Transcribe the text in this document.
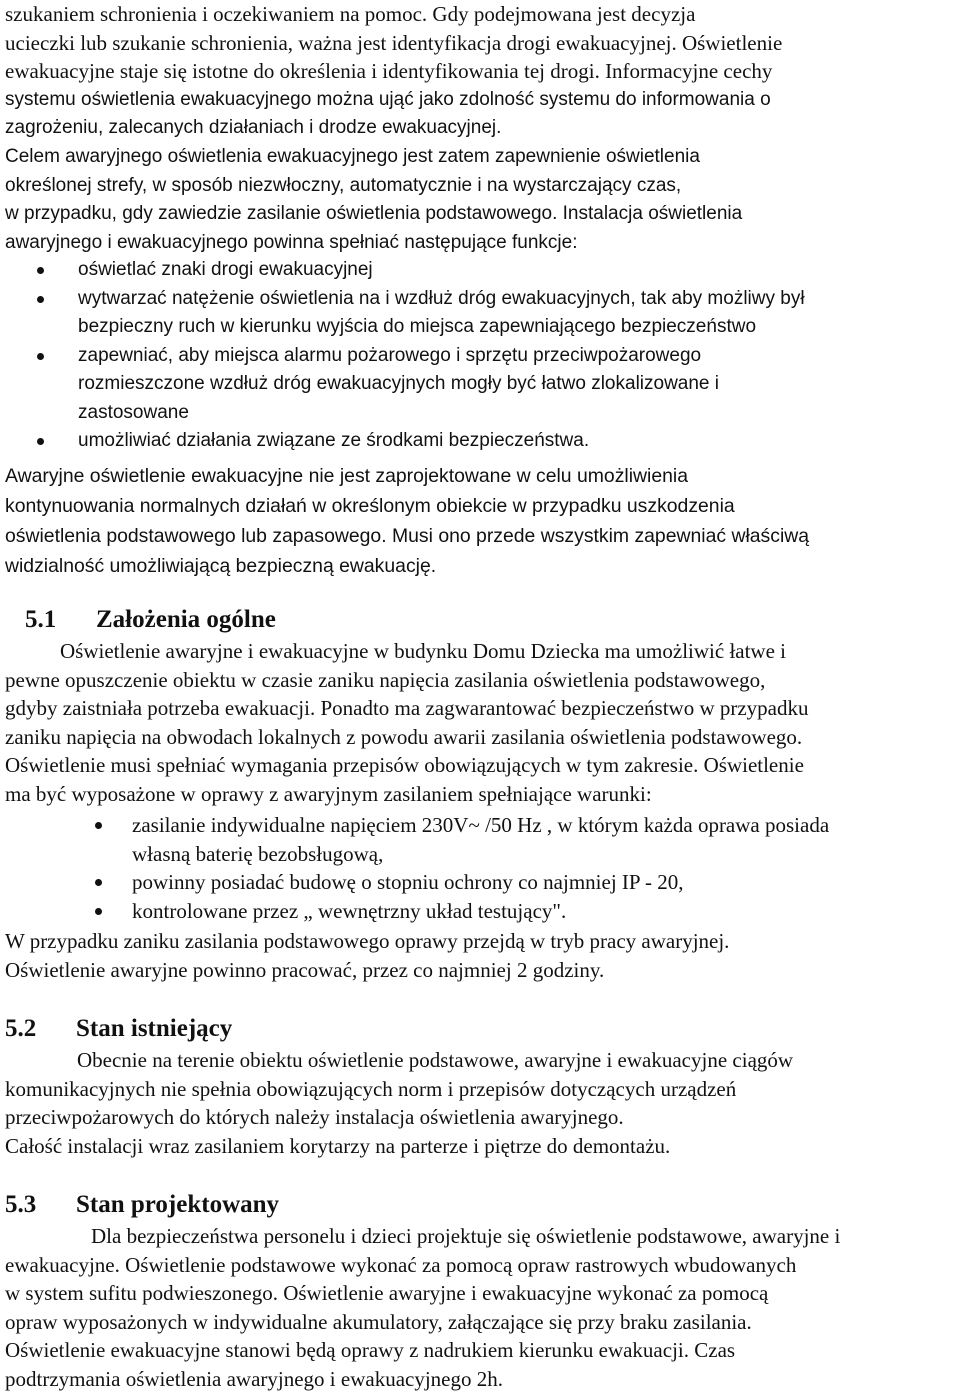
szukaniem schronienia i oczekiwaniem na pomoc. Gdy podejmowana jest decyzja
ucieczki lub szukanie schronienia, ważna jest identyfikacja drogi ewakuacyjnej. Oświetlenie
ewakuacyjne staje się istotne do określenia i identyfikowania tej drogi. Informacyjne cechy
systemu oświetlenia ewakuacyjnego można ująć jako zdolność systemu do informowania o
zagrożeniu, zalecanych działaniach i drodze ewakuacyjnej.

Celem awaryjnego oświetlenia ewakuacyjnego jest zatem zapewnienie oświetlenia
określonej strefy, w sposób niezwłoczny, automatycznie i na wystarczający czas,
w przypadku, gdy zawiedzie zasilanie oświetlenia podstawowego. Instalacja oświetlenia
awaryjnego i ewakuacyjnego powinna spełniać następujące funkcje:

oświetlać znaki drogi ewakuacyjnej
wytwarzać natężenie oświetlenia na i wzdłuż dróg ewakuacyjnych, tak aby możliwy był
bezpieczny ruch w kierunku wyjścia do miejsca zapewniającego bezpieczeństwo
zapewniać, aby miejsca alarmu pożarowego i sprzętu przeciwpożarowego
rozmieszczone wzdłuż dróg ewakuacyjnych mogły być łatwo zlokalizowane i
zastosowane
umożliwiać działania związane ze środkami bezpieczeństwa.

Awaryjne oświetlenie ewakuacyjne nie jest zaprojektowane w celu umożliwienia
kontynuowania normalnych działań w określonym obiekcie w przypadku uszkodzenia
oświetlenia podstawowego lub zapasowego. Musi ono przede wszystkim zapewniać właściwą
widzialność umożliwiającą bezpieczną ewakuację.

5.1 Założenia ogólne

Oświetlenie awaryjne i ewakuacyjne w budynku Domu Dziecka ma umożliwić łatwe i
pewne opuszczenie obiektu w czasie zaniku napięcia zasilania oświetlenia podstawowego,
gdyby zaistniała potrzeba ewakuacji. Ponadto ma zagwarantować bezpieczeństwo w przypadku
zaniku napięcia na obwodach lokalnych z powodu awarii zasilania oświetlenia podstawowego.
Oświetlenie musi spełniać wymagania przepisów obowiązujących w tym zakresie. Oświetlenie
ma być wyposażone w oprawy z awaryjnym zasilaniem spełniające warunki:

zasilanie indywidualne napięciem 230V~ /50 Hz , w którym każda oprawa posiada
własną baterię bezobsługową,
powinny posiadać budowę o stopniu ochrony co najmniej IP - 20,
kontrolowane przez „ wewnętrzny układ testujący".

W przypadku zaniku zasilania podstawowego oprawy przejdą w tryb pracy awaryjnej.
Oświetlenie awaryjne powinno pracować, przez co najmniej 2 godziny.

5.2 Stan istniejący

Obecnie na terenie obiektu oświetlenie podstawowe, awaryjne i ewakuacyjne ciągów
komunikacyjnych nie spełnia obowiązujących norm i przepisów dotyczących urządzeń
przeciwpożarowych do których należy instalacja oświetlenia awaryjnego.
Całość instalacji wraz zasilaniem korytarzy na parterze i piętrze do demontażu.

5.3 Stan projektowany

Dla bezpieczeństwa personelu i dzieci projektuje się oświetlenie podstawowe, awaryjne i
ewakuacyjne. Oświetlenie podstawowe wykonać za pomocą opraw rastrowych wbudowanych
w system sufitu podwieszonego. Oświetlenie awaryjne i ewakuacyjne wykonać za pomocą
opraw wyposażonych w indywidualne akumulatory, załączające się przy braku zasilania.
Oświetlenie ewakuacyjne stanowi będą oprawy z nadrukiem kierunku ewakuacji. Czas
podtrzymania oświetlenia awaryjnego i ewakuacyjnego 2h.
